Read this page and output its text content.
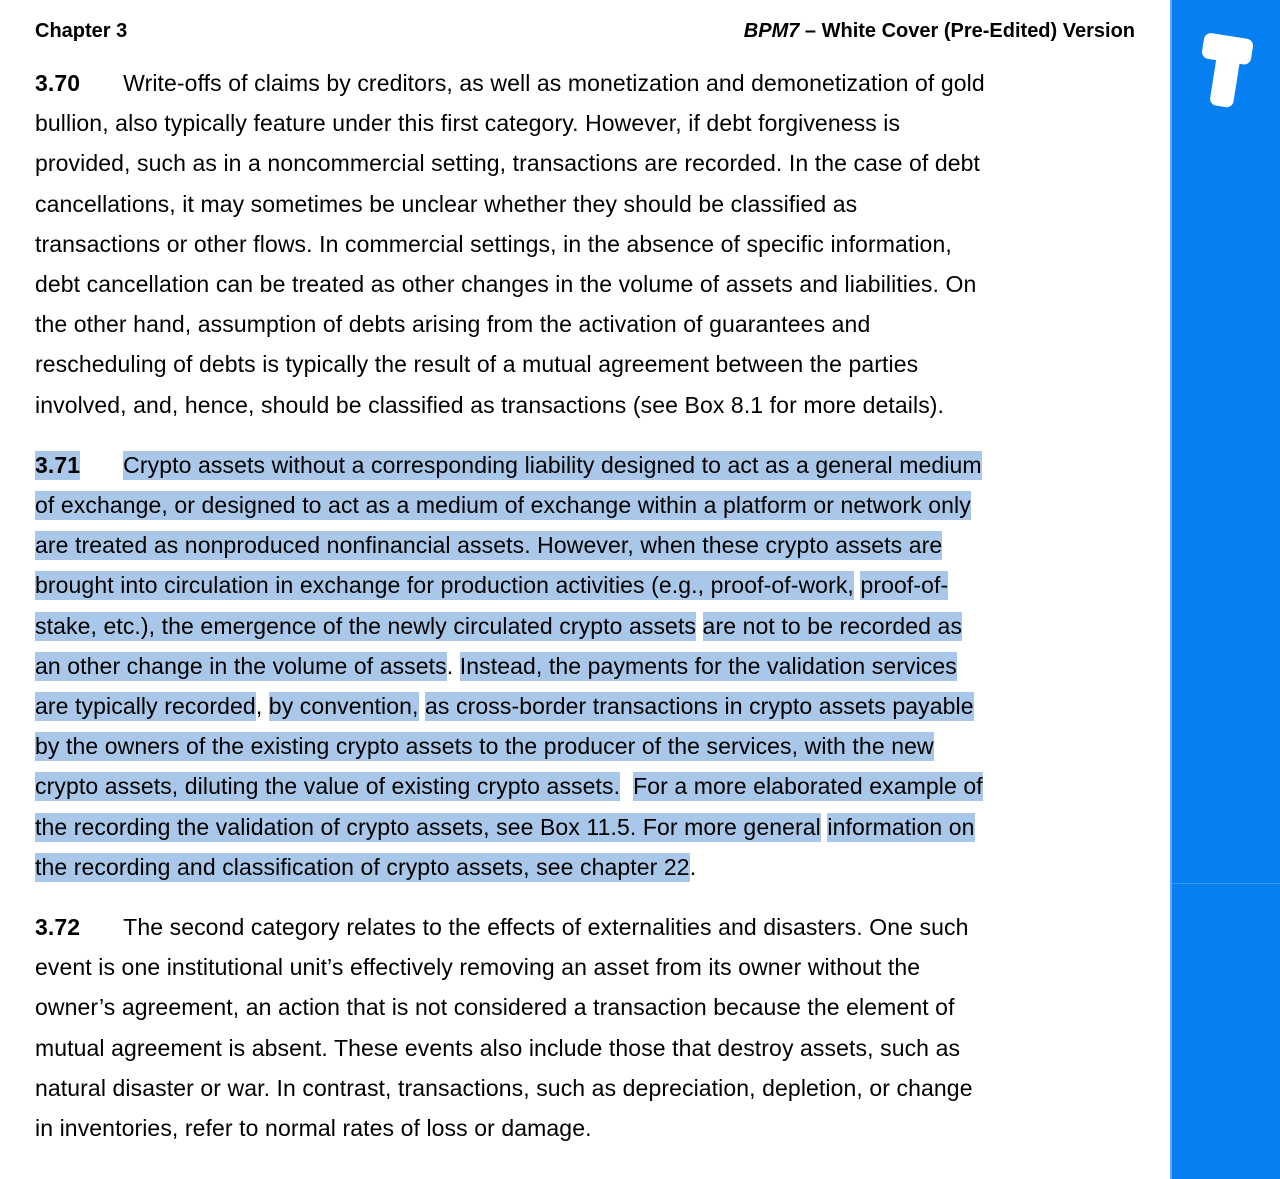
Chapter 3	BPM7 – White Cover (Pre-Edited) Version
3.70 Write-offs of claims by creditors, as well as monetization and demonetization of gold
bullion, also typically feature under this first category. However, if debt forgiveness is
provided, such as in a noncommercial setting, transactions are recorded. In the case of debt
cancellations, it may sometimes be unclear whether they should be classified as
transactions or other flows. In commercial settings, in the absence of specific information,
debt cancellation can be treated as other changes in the volume of assets and liabilities. On
the other hand, assumption of debts arising from the activation of guarantees and
rescheduling of debts is typically the result of a mutual agreement between the parties
involved, and, hence, should be classified as transactions (see Box 8.1 for more details).
3.71 Crypto assets without a corresponding liability designed to act as a general medium
of exchange, or designed to act as a medium of exchange within a platform or network only
are treated as nonproduced nonfinancial assets. However, when these crypto assets are
brought into circulation in exchange for production activities (e.g., proof-of-work, proof-of-
stake, etc.), the emergence of the newly circulated crypto assets are not to be recorded as
an other change in the volume of assets. Instead, the payments for the validation services
are typically recorded, by convention, as cross-border transactions in crypto assets payable
by the owners of the existing crypto assets to the producer of the services, with the new
crypto assets, diluting the value of existing crypto assets. For a more elaborated example of
the recording the validation of crypto assets, see Box 11.5. For more general information on
the recording and classification of crypto assets, see chapter 22.
3.72 The second category relates to the effects of externalities and disasters. One such
event is one institutional unit’s effectively removing an asset from its owner without the
owner’s agreement, an action that is not considered a transaction because the element of
mutual agreement is absent. These events also include those that destroy assets, such as
natural disaster or war. In contrast, transactions, such as depreciation, depletion, or change
in inventories, refer to normal rates of loss or damage.
